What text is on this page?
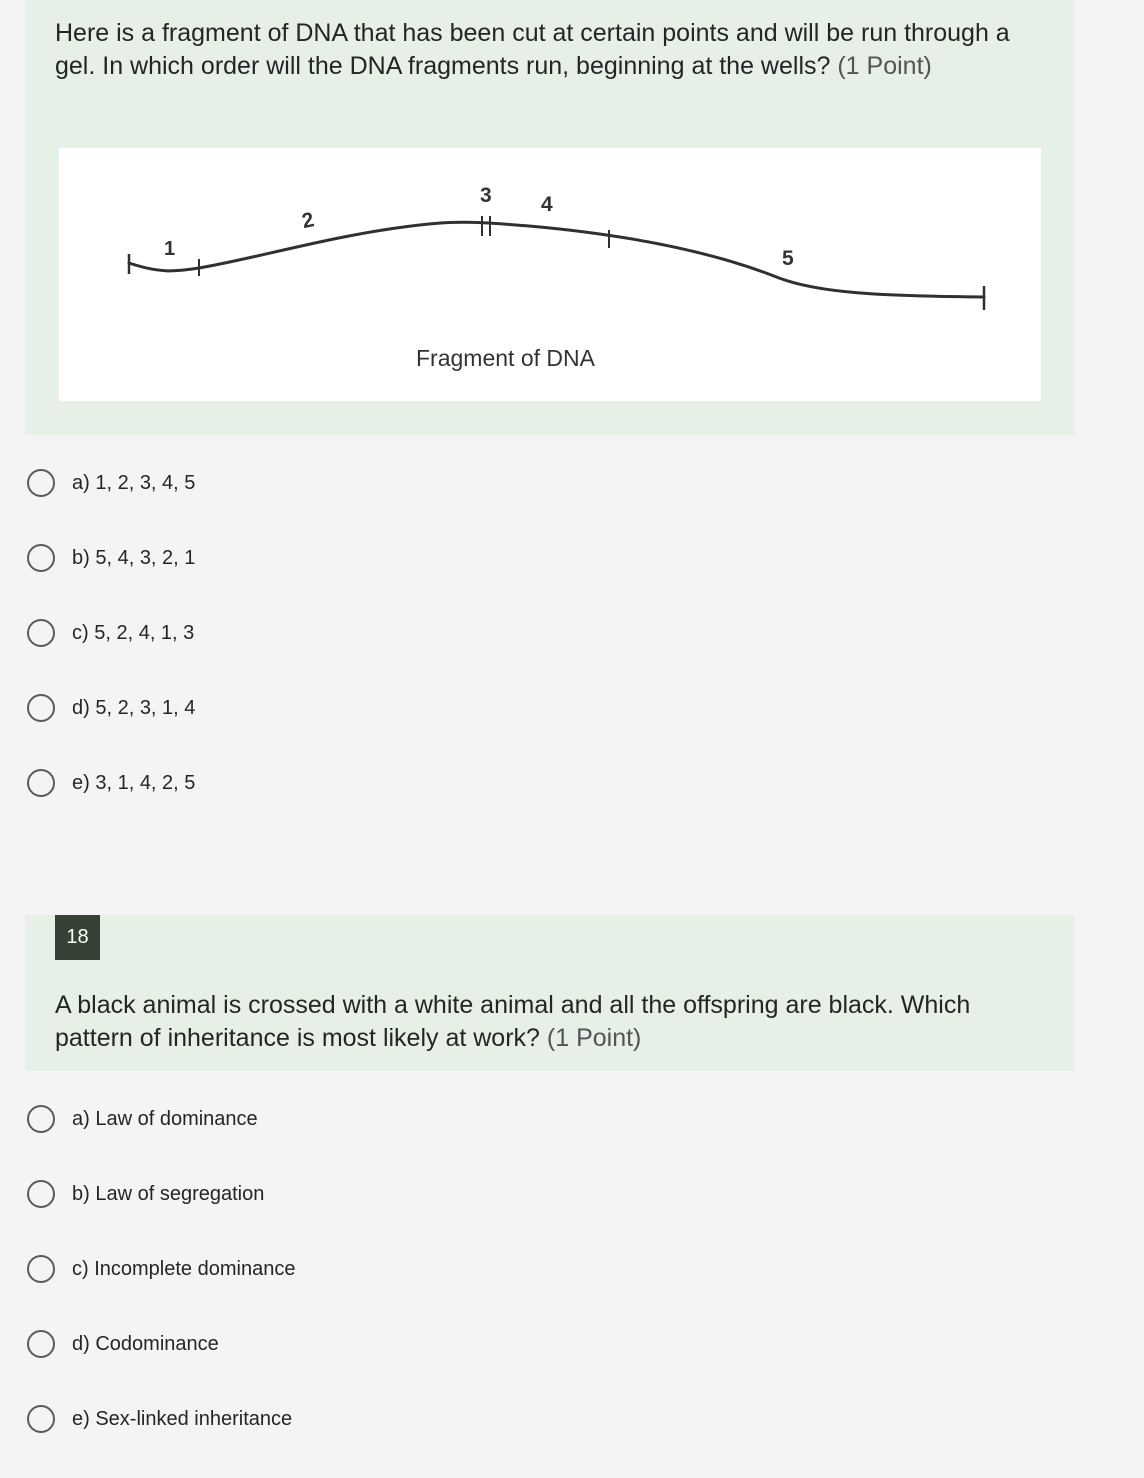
Here is a fragment of DNA that has been cut at certain points and will be run through a gel. In which order will the DNA fragments run, beginning at the wells? (1 Point)
1
2
3 4
5
Fragment of DNA
a) 1, 2, 3, 4, 5
b) 5, 4, 3, 2, 1
c) 5, 2, 4, 1, 3
d) 5, 2, 3, 1, 4
e) 3, 1, 4, 2, 5
18
A black animal is crossed with a white animal and all the offspring are black. Which pattern of inheritance is most likely at work? (1 Point)
a) Law of dominance
b) Law of segregation
c) Incomplete dominance
d) Codominance
e) Sex-linked inheritance
